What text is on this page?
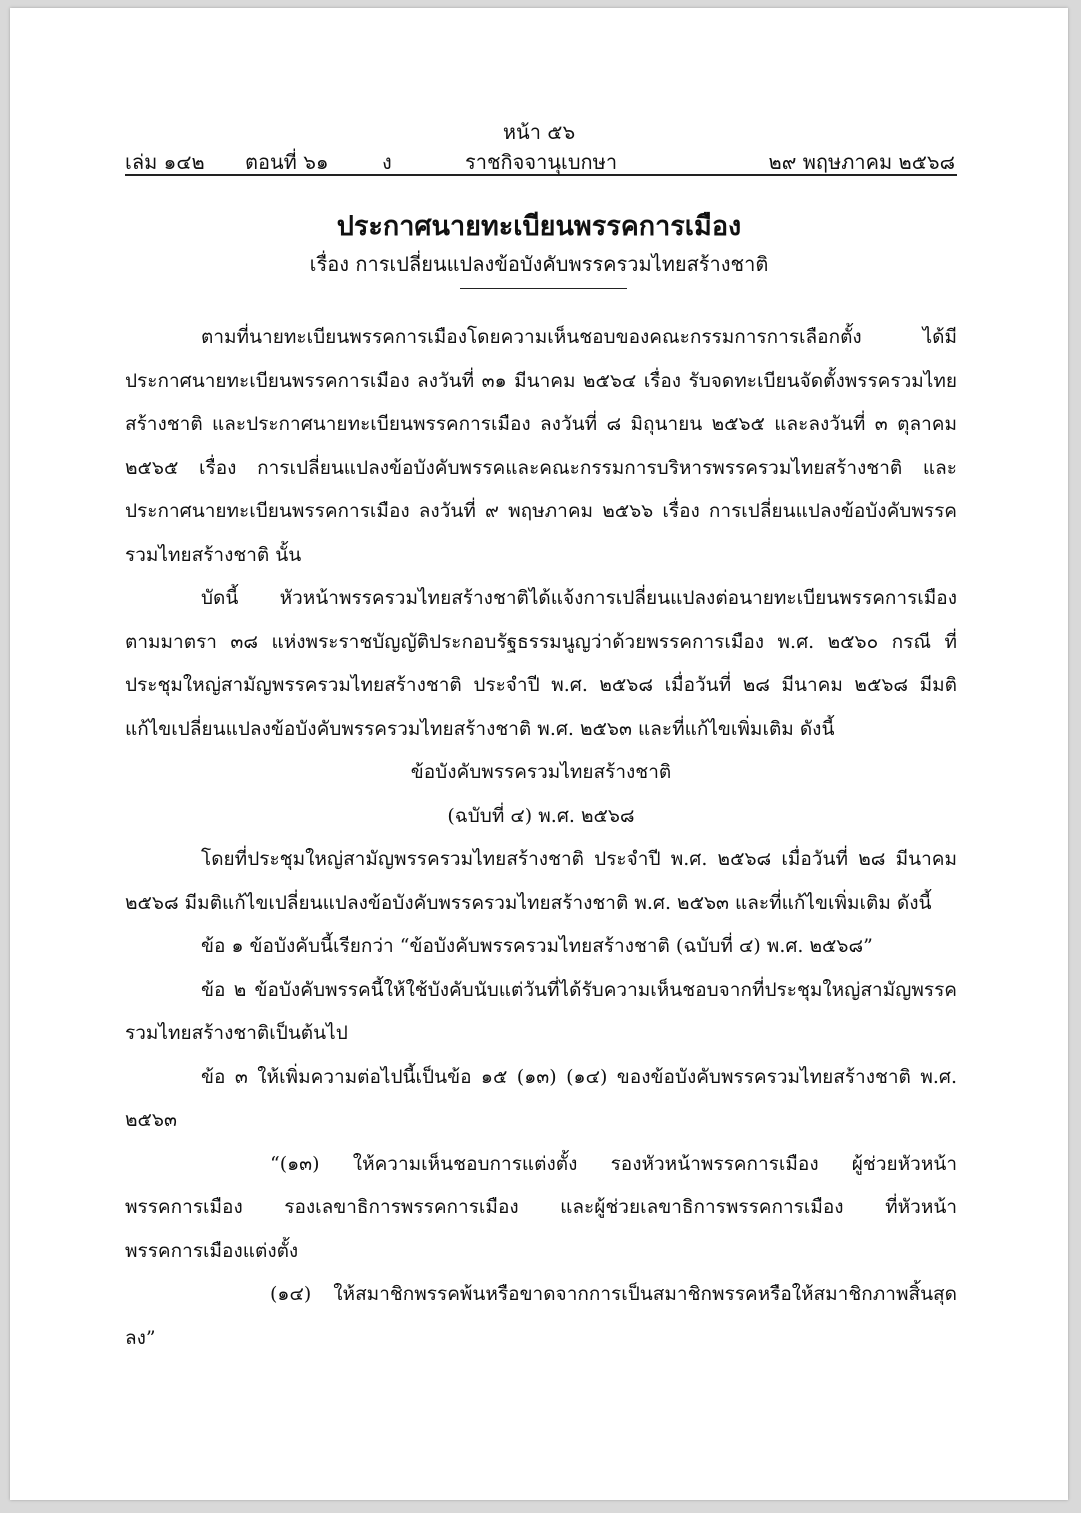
หน้า ๕๖
เล่ม ๑๔๒ ตอนที่ ๖๑	ง	ราชกิจจานุเบกษา	๒๙ พฤษภาคม ๒๕๖๘
ประกาศนายทะเบียนพรรคการเมือง
เรื่อง การเปลี่ยนแปลงข้อบังคับพรรครวมไทยสร้างชาติ

ตามที่นายทะเบียนพรรคการเมืองโดยความเห็นชอบของคณะกรรมการการเลือกตั้ง ได้มีประกาศนายทะเบียนพรรคการเมือง ลงวันที่ ๓๑ มีนาคม ๒๕๖๔ เรื่อง รับจดทะเบียนจัดตั้งพรรครวมไทยสร้างชาติ และประกาศนายทะเบียนพรรคการเมือง ลงวันที่ ๘ มิถุนายน ๒๕๖๕ และลงวันที่ ๓ ตุลาคม ๒๕๖๕ เรื่อง การเปลี่ยนแปลงข้อบังคับพรรคและคณะกรรมการบริหารพรรครวมไทยสร้างชาติ และประกาศนายทะเบียนพรรคการเมือง ลงวันที่ ๙ พฤษภาคม ๒๕๖๖ เรื่อง การเปลี่ยนแปลงข้อบังคับพรรครวมไทยสร้างชาติ นั้น

บัดนี้ หัวหน้าพรรครวมไทยสร้างชาติได้แจ้งการเปลี่ยนแปลงต่อนายทะเบียนพรรคการเมือง ตามมาตรา ๓๘ แห่งพระราชบัญญัติประกอบรัฐธรรมนูญว่าด้วยพรรคการเมือง พ.ศ. ๒๕๖๐ กรณี ที่ประชุมใหญ่สามัญพรรครวมไทยสร้างชาติ ประจำปี พ.ศ. ๒๕๖๘ เมื่อวันที่ ๒๘ มีนาคม ๒๕๖๘ มีมติแก้ไขเปลี่ยนแปลงข้อบังคับพรรครวมไทยสร้างชาติ พ.ศ. ๒๕๖๓ และที่แก้ไขเพิ่มเติม ดังนี้

ข้อบังคับพรรครวมไทยสร้างชาติ

(ฉบับที่ ๔) พ.ศ. ๒๕๖๘

โดยที่ประชุมใหญ่สามัญพรรครวมไทยสร้างชาติ ประจำปี พ.ศ. ๒๕๖๘ เมื่อวันที่ ๒๘ มีนาคม ๒๕๖๘ มีมติแก้ไขเปลี่ยนแปลงข้อบังคับพรรครวมไทยสร้างชาติ พ.ศ. ๒๕๖๓ และที่แก้ไขเพิ่มเติม ดังนี้

ข้อ ๑ ข้อบังคับนี้เรียกว่า “ข้อบังคับพรรครวมไทยสร้างชาติ (ฉบับที่ ๔) พ.ศ. ๒๕๖๘”

ข้อ ๒ ข้อบังคับพรรคนี้ให้ใช้บังคับนับแต่วันที่ได้รับความเห็นชอบจากที่ประชุมใหญ่สามัญพรรครวมไทยสร้างชาติเป็นต้นไป

ข้อ ๓ ให้เพิ่มความต่อไปนี้เป็นข้อ ๑๕ (๑๓) (๑๔) ของข้อบังคับพรรครวมไทยสร้างชาติ พ.ศ. ๒๕๖๓

“(๑๓) ให้ความเห็นชอบการแต่งตั้ง รองหัวหน้าพรรคการเมือง ผู้ช่วยหัวหน้าพรรคการเมือง รองเลขาธิการพรรคการเมือง และผู้ช่วยเลขาธิการพรรคการเมือง ที่หัวหน้าพรรคการเมืองแต่งตั้ง

(๑๔) ให้สมาชิกพรรคพ้นหรือขาดจากการเป็นสมาชิกพรรคหรือให้สมาชิกภาพสิ้นสุดลง”
